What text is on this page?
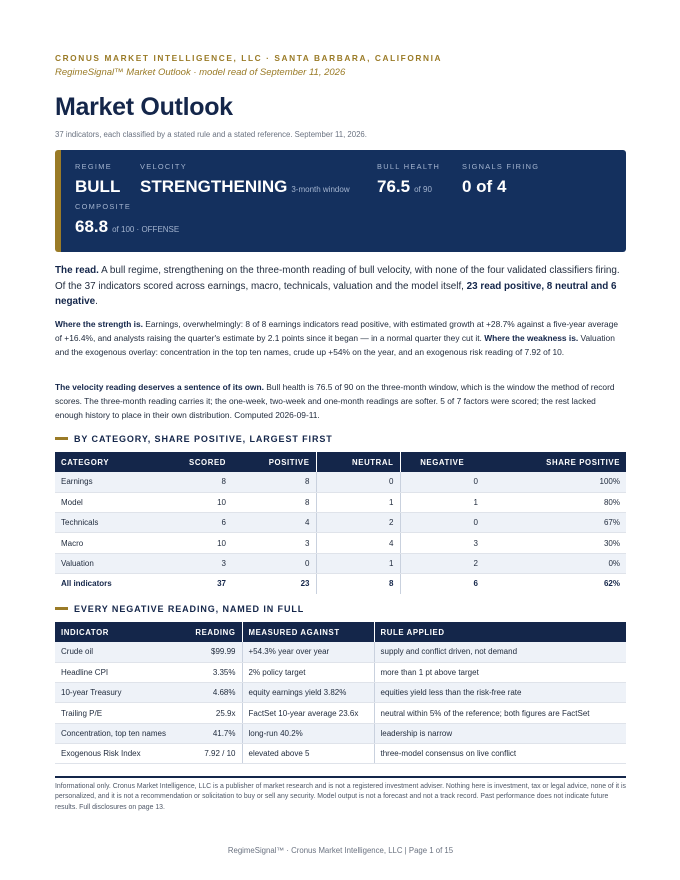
CRONUS MARKET INTELLIGENCE, LLC · SANTA BARBARA, CALIFORNIA
RegimeSignal™ Market Outlook · model read of September 11, 2026
Market Outlook
37 indicators, each classified by a stated rule and a stated reference. September 11, 2026.
REGIME
BULL
VELOCITY
STRENGTHENING 3-month window
BULL HEALTH
76.5 of 90
SIGNALS FIRING
0 of 4
COMPOSITE
68.8 of 100 · OFFENSE

The read. A bull regime, strengthening on the three-month reading of bull velocity, with none of the four validated classifiers firing. Of the 37 indicators scored across earnings, macro, technicals, valuation and the model itself, 23 read positive, 8 neutral and 6 negative.

Where the strength is. Earnings, overwhelmingly: 8 of 8 earnings indicators read positive, with estimated growth at +28.7% against a five-year average of +16.4%, and analysts raising the quarter's estimate by 2.1 points since it began — in a normal quarter they cut it. Where the weakness is. Valuation and the exogenous overlay: concentration in the top ten names, crude up +54% on the year, and an exogenous risk reading of 7.92 of 10.

The velocity reading deserves a sentence of its own. Bull health is 76.5 of 90 on the three-month window, which is the window the method of record scores. The three-month reading carries it; the one-week, two-week and one-month readings are softer. 5 of 7 factors were scored; the rest lacked enough history to place in their own distribution. Computed 2026-09-11.

BY CATEGORY, SHARE POSITIVE, LARGEST FIRST
CATEGORY	SCORED	POSITIVE	NEUTRAL	NEGATIVE	SHARE POSITIVE
Earnings	8	8	0	0	100%
Model	10	8	1	1	80%
Technicals	6	4	2	0	67%
Macro	10	3	4	3	30%
Valuation	3	0	1	2	0%
All indicators	37	23	8	6	62%
EVERY NEGATIVE READING, NAMED IN FULL
INDICATOR	READING	MEASURED AGAINST	RULE APPLIED
Crude oil	$99.99	+54.3% year over year	supply and conflict driven, not demand
Headline CPI	3.35%	2% policy target	more than 1 pt above target
10-year Treasury	4.68%	equity earnings yield 3.82%	equities yield less than the risk-free rate
Trailing P/E	25.9x	FactSet 10-year average 23.6x	neutral within 5% of the reference; both figures are FactSet
Concentration, top ten names	41.7%	long-run 40.2%	leadership is narrow
Exogenous Risk Index	7.92 / 10	elevated above 5	three-model consensus on live conflict
Informational only. Cronus Market Intelligence, LLC is a publisher of market research and is not a registered investment adviser. Nothing here is investment, tax or legal advice, none of it is personalized, and it is not a recommendation or solicitation to buy or sell any security. Model output is not a forecast and not a track record. Past performance does not indicate future results. Full disclosures on page 13.
RegimeSignal™ · Cronus Market Intelligence, LLC | Page 1 of 15
